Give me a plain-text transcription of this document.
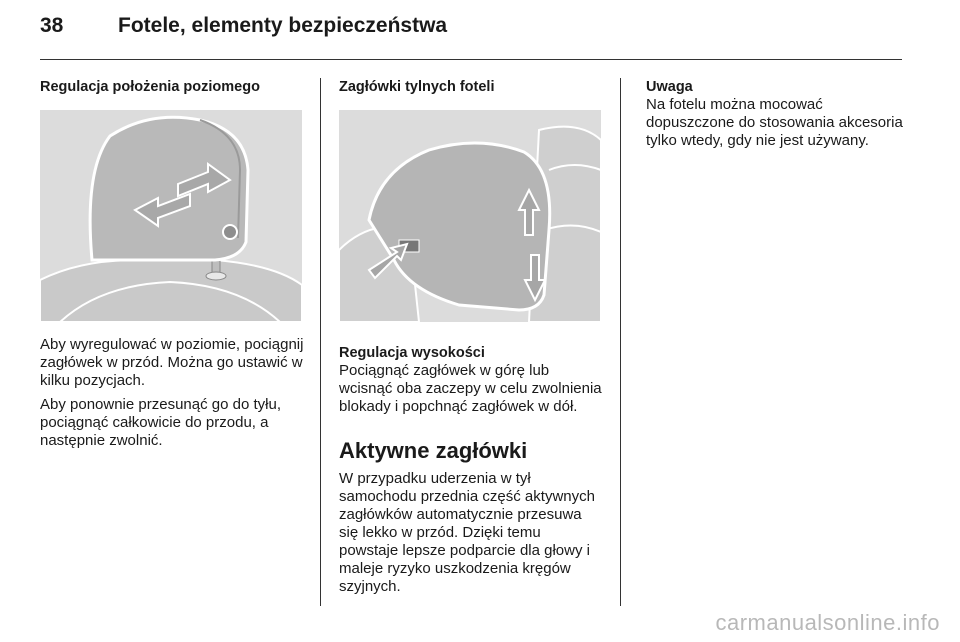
38	Fotele, elementy bezpieczeństwa

Regulacja położenia poziomego

Aby wyregulować w poziomie, pociągnij zagłówek w przód. Można go ustawić w kilku pozycjach.

Aby ponownie przesunąć go do tyłu, pociągnąć całkowicie do przodu, a następnie zwolnić.

Zagłówki tylnych foteli

Regulacja wysokości

Pociągnąć zagłówek w górę lub wcisnąć oba zaczepy w celu zwolnienia blokady i popchnąć zagłówek w dół.

Aktywne zagłówki

W przypadku uderzenia w tył samochodu przednia część aktywnych zagłówków automatycznie przesuwa się lekko w przód. Dzięki temu powstaje lepsze podparcie dla głowy i maleje ryzyko uszkodzenia kręgów szyjnych.

Uwaga

Na fotelu można mocować dopuszczone do stosowania akcesoria tylko wtedy, gdy nie jest używany.

carmanualsonline.info
